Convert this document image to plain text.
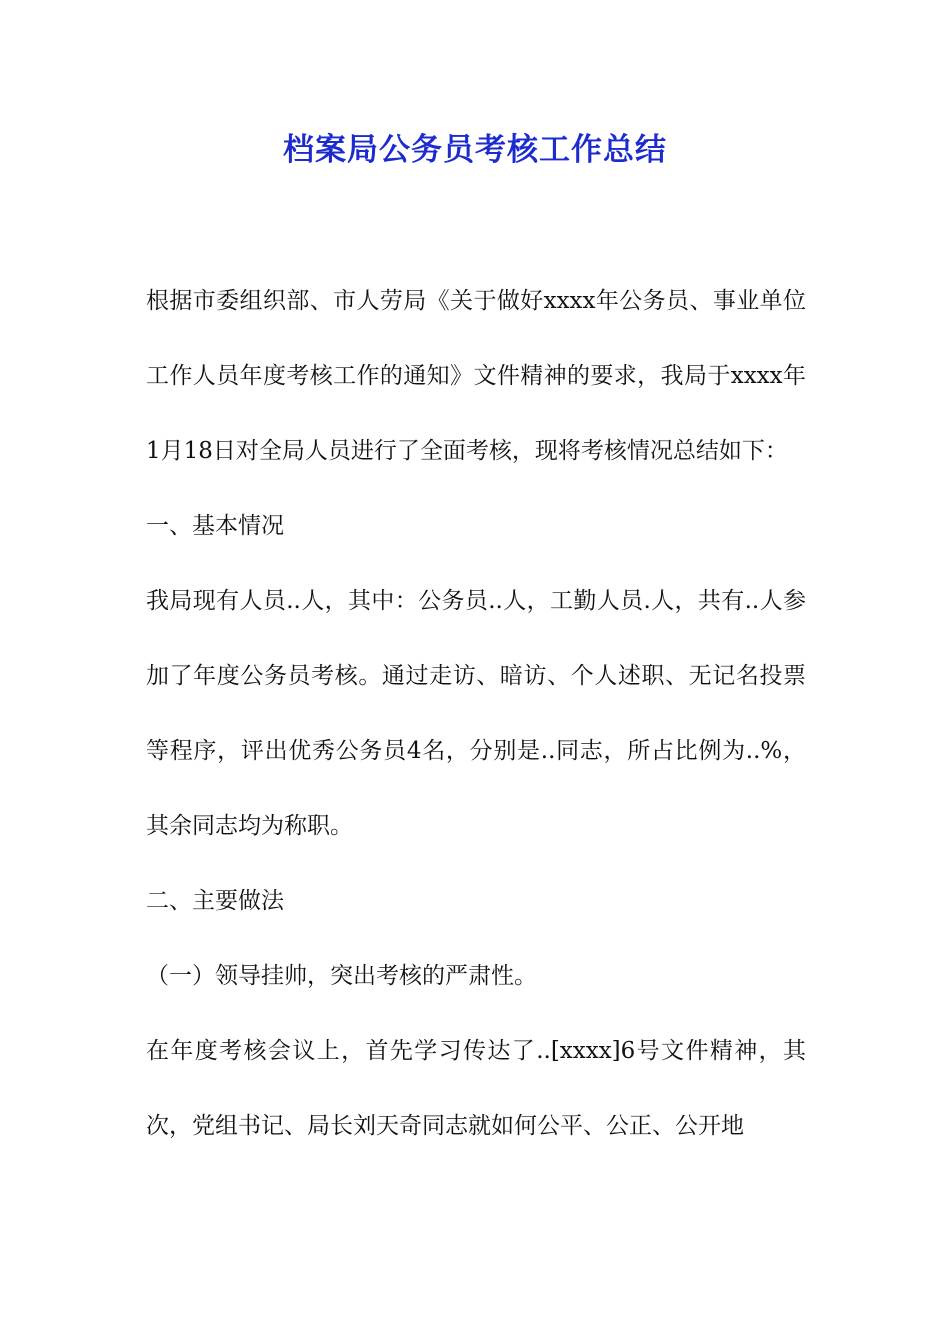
档案局公务员考核工作总结

根据市委组织部、市人劳局《关于做好xxxx年公务员、事业单位工作人员年度考核工作的通知》文件精神的要求，我局于xxxx年1月18日对全局人员进行了全面考核，现将考核情况总结如下：

一、基本情况

我局现有人员..人，其中：公务员..人，工勤人员.人，共有..人参加了年度公务员考核。通过走访、暗访、个人述职、无记名投票等程序，评出优秀公务员4名，分别是..同志，所占比例为..%，其余同志均为称职。

二、主要做法

（一）领导挂帅，突出考核的严肃性。

在年度考核会议上，首先学习传达了..[xxxx]6号文件精神，其次，党组书记、局长刘天奇同志就如何公平、公正、公开地
